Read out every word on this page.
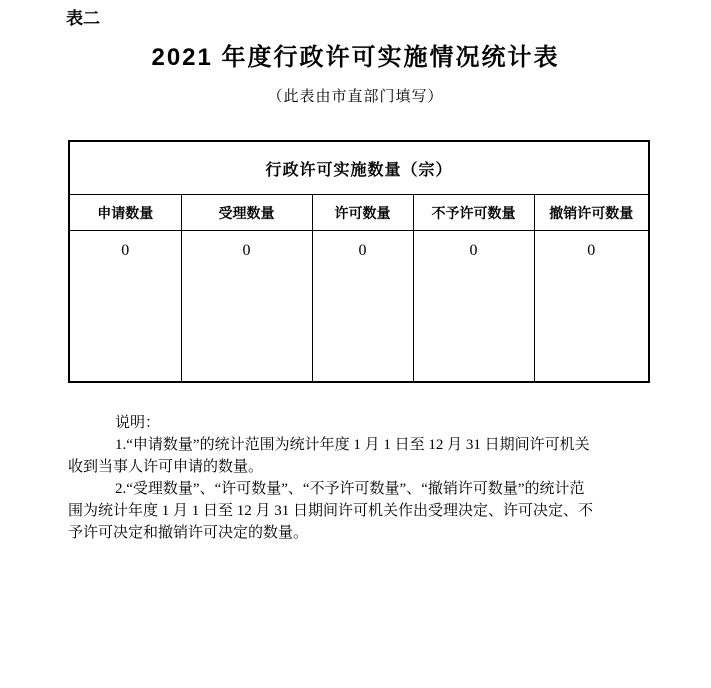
表二
2021 年度行政许可实施情况统计表
（此表由市直部门填写）
行政许可实施数量（宗）				
申请数量	受理数量	许可数量	不予许可数量	撤销许可数量
0	0	0	0	0
说明：
1.“申请数量”的统计范围为统计年度 1 月 1 日至 12 月 31 日期间许可机关
收到当事人许可申请的数量。
2.“受理数量”、“许可数量”、“不予许可数量”、“撤销许可数量”的统计范
围为统计年度 1 月 1 日至 12 月 31 日期间许可机关作出受理决定、许可决定、不
予许可决定和撤销许可决定的数量。
